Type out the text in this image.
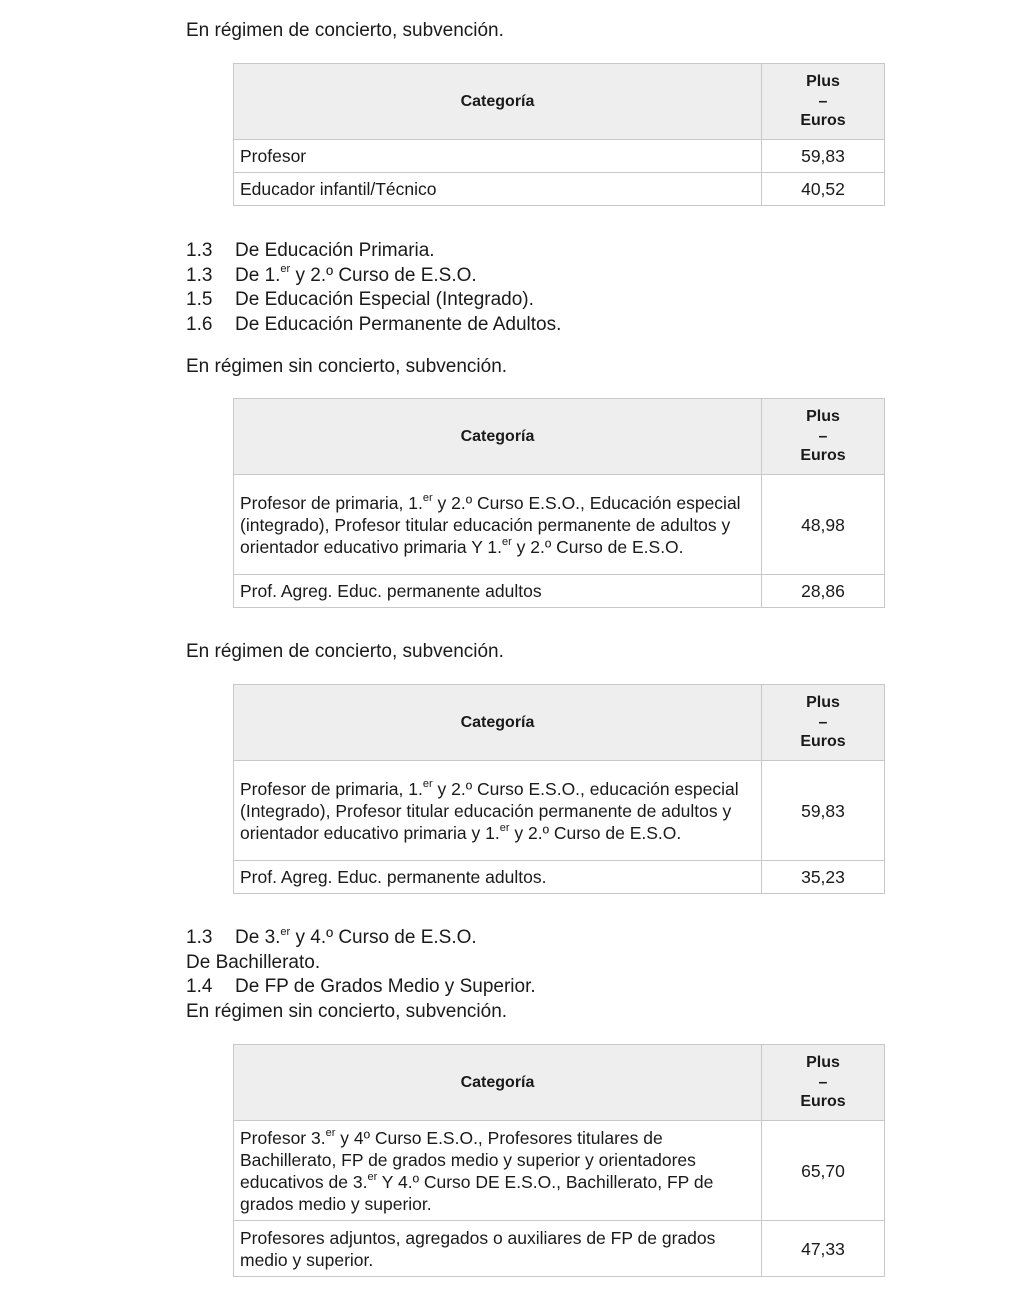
En régimen de concierto, subvención.

Categoría	Plus
–
Euros
Profesor	59,83
Educador infantil/Técnico	40,52

1.3 De Educación Primaria.

1.3 De 1.$^{er}$ y 2.º Curso de E.S.O.

1.5 De Educación Especial (Integrado).

1.6 De Educación Permanente de Adultos.

En régimen sin concierto, subvención.

Categoría	Plus
–
Euros
Profesor de primaria, 1.$^{er}$ y 2.º Curso E.S.O., Educación especial (integrado), Profesor titular educación permanente de adultos y orientador educativo primaria Y 1.$^{er}$ y 2.º Curso de E.S.O.	48,98
Prof. Agreg. Educ. permanente adultos	28,86

En régimen de concierto, subvención.

Categoría	Plus
–
Euros
Profesor de primaria, 1.$^{er}$ y 2.º Curso E.S.O., educación especial (Integrado), Profesor titular educación permanente de adultos y orientador educativo primaria y 1.$^{er}$ y 2.º Curso de E.S.O.	59,83
Prof. Agreg. Educ. permanente adultos.	35,23

1.3 De 3.$^{er}$ y 4.º Curso de E.S.O.

De Bachillerato.

1.4 De FP de Grados Medio y Superior.

En régimen sin concierto, subvención.

Categoría	Plus
–
Euros
Profesor 3.$^{er}$ y 4º Curso E.S.O., Profesores titulares de Bachillerato, FP de grados medio y superior y orientadores educativos de 3.$^{er}$ Y 4.º Curso DE E.S.O., Bachillerato, FP de grados medio y superior.	65,70
Profesores adjuntos, agregados o auxiliares de FP de grados medio y superior.	47,33
